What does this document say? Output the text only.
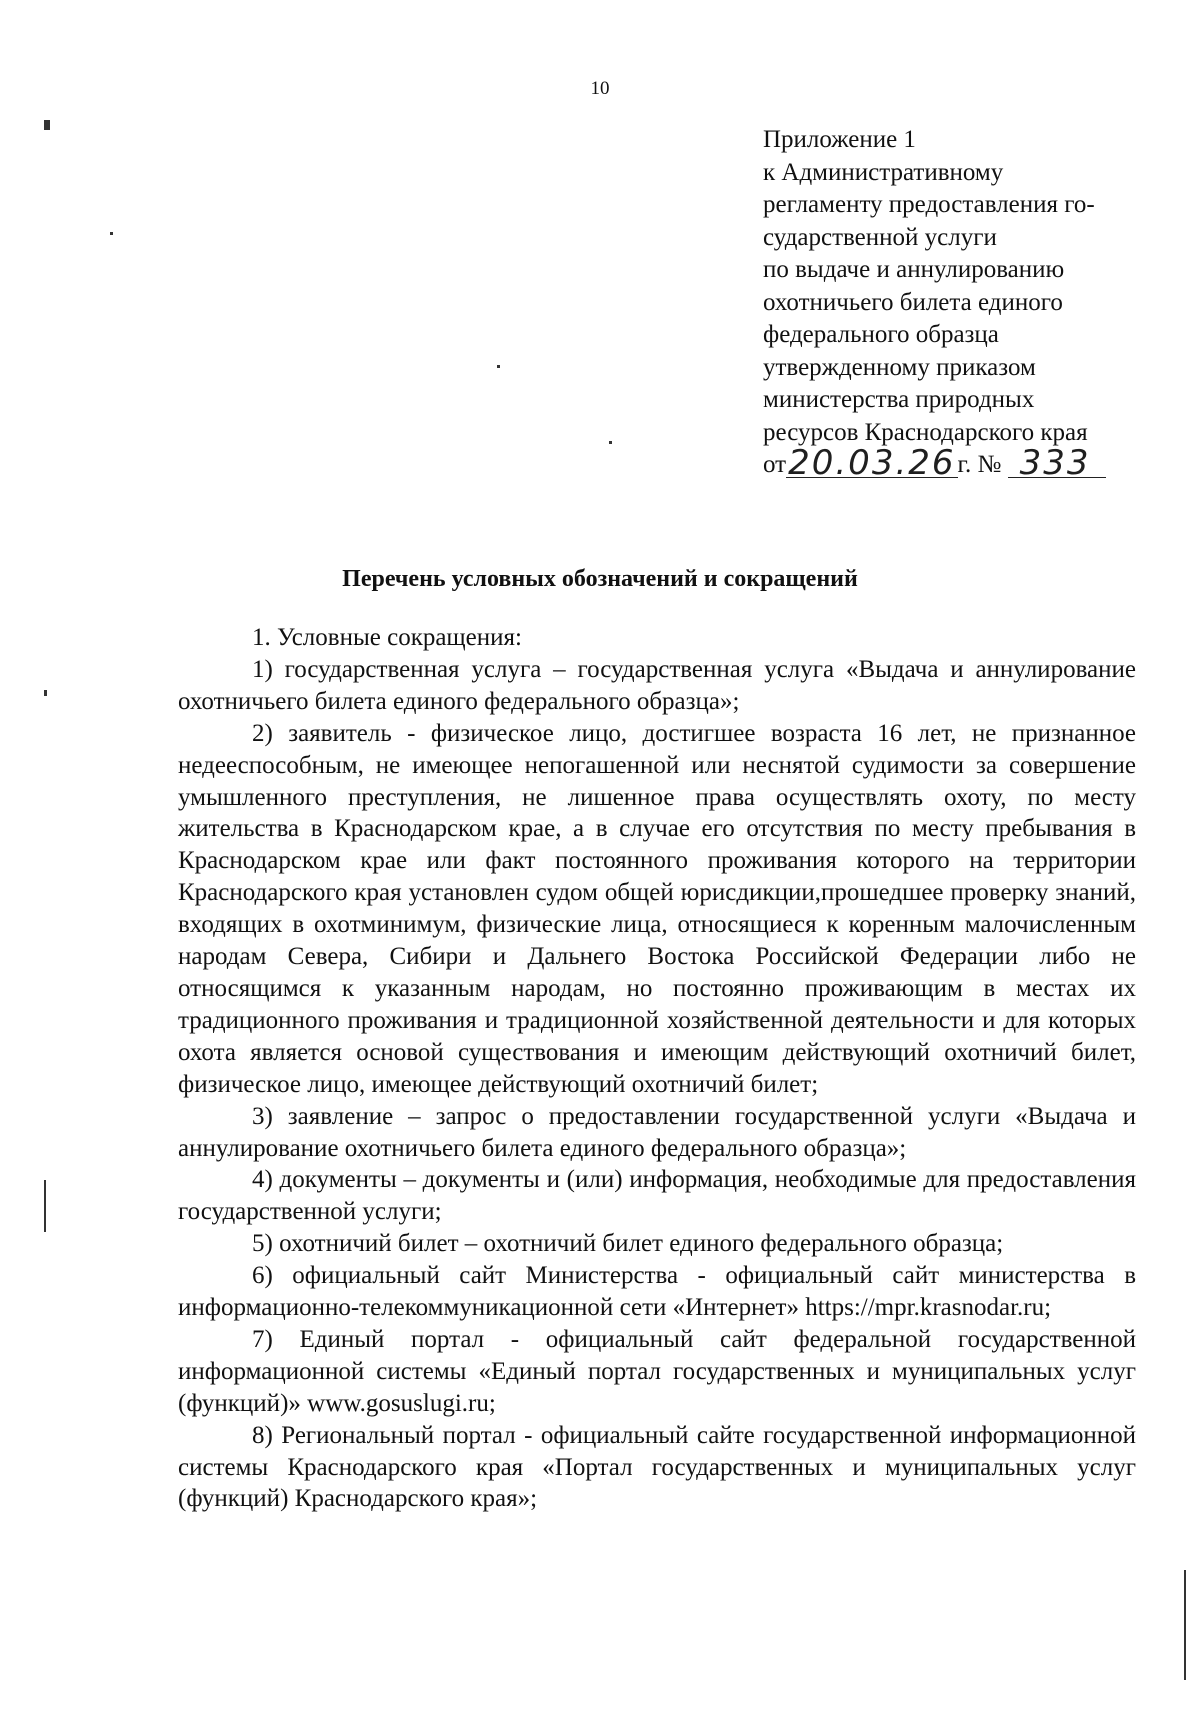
10
Приложение 1
к Административному
регламенту предоставления го-
сударственной услуги
по выдаче и аннулированию
охотничьего билета единого
федерального образца
утвержденному приказом
министерства природных
ресурсов Краснодарского края
от20.03.26г. № 333
Перечень условных обозначений и сокращений

1. Условные сокращения:

1) государственная услуга – государственная услуга «Выдача и аннулирование охотничьего билета единого федерального образца»;

2) заявитель - физическое лицо, достигшее возраста 16 лет, не признанное недееспособным, не имеющее непогашенной или неснятой судимости за совершение умышленного преступления, не лишенное права осуществлять охоту, по месту жительства в Краснодарском крае, а в случае его отсутствия по месту пребывания в Краснодарском крае или факт постоянного проживания которого на территории Краснодарского края установлен судом общей юрисдикции,прошедшее проверку знаний, входящих в охотминимум, физические лица, относящиеся к коренным малочисленным народам Севера, Сибири и Дальнего Востока Российской Федерации либо не относящимся к указанным народам, но постоянно проживающим в местах их традиционного проживания и традиционной хозяйственной деятельности и для которых охота является основой существования и имеющим действующий охотничий билет, физическое лицо, имеющее действующий охотничий билет;

3) заявление – запрос о предоставлении государственной услуги «Выдача и аннулирование охотничьего билета единого федерального образца»;

4) документы – документы и (или) информация, необходимые для предоставления государственной услуги;

5) охотничий билет – охотничий билет единого федерального образца;

6) официальный сайт Министерства - официальный сайт министерства в информационно-телекоммуникационной сети «Интернет» https://mpr.krasnodar.ru;

7) Единый портал - официальный сайт федеральной государственной информационной системы «Единый портал государственных и муниципальных услуг (функций)» www.gosuslugi.ru;

8) Региональный портал - официальный сайте государственной информационной системы Краснодарского края «Портал государственных и муниципальных услуг (функций) Краснодарского края»;
